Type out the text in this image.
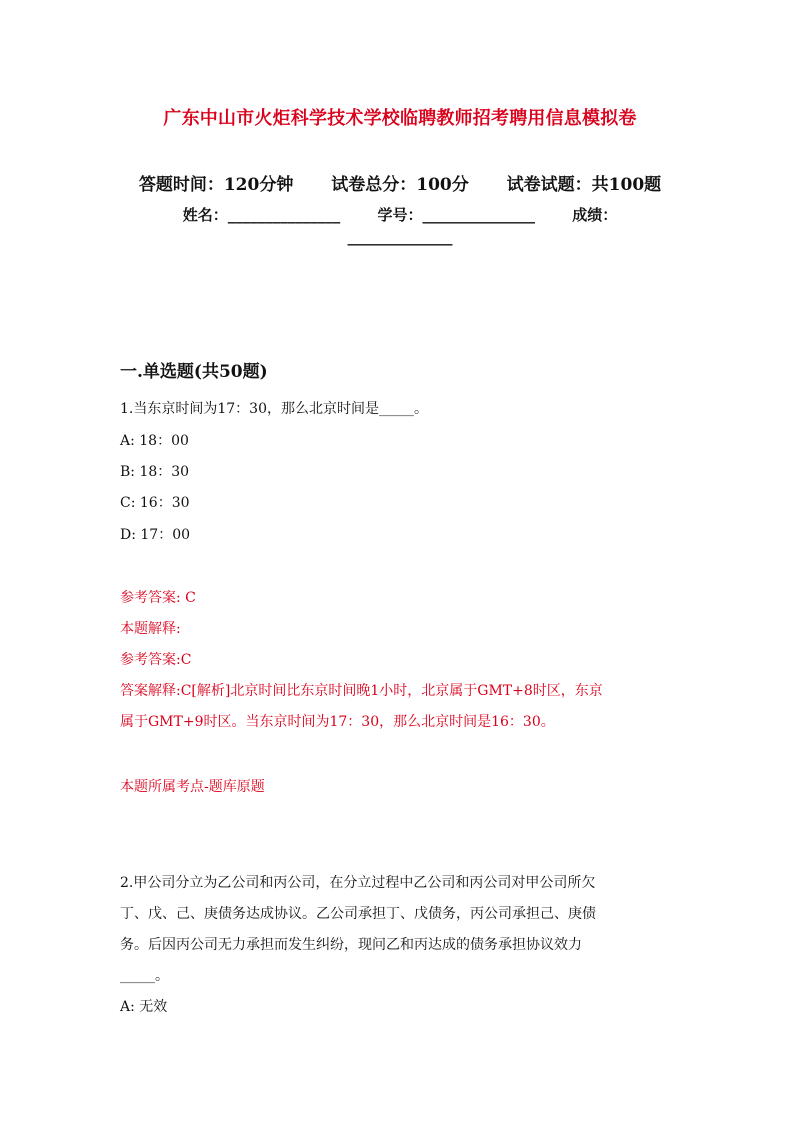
广东中山市火炬科学技术学校临聘教师招考聘用信息模拟卷
答题时间：120分钟 试卷总分：100分 试卷试题：共100题
姓名：_______________ 学号：_______________ 成绩：
______________
一.单选题(共50题)
1.当东京时间为17：30，那么北京时间是_____。
A: 18：00
B: 18：30
C: 16：30
D: 17：00
参考答案: C
本题解释:
参考答案:C
答案解释:C[解析]北京时间比东京时间晚1小时，北京属于GMT+8时区，东京
属于GMT+9时区。当东京时间为17：30，那么北京时间是16：30。
本题所属考点-题库原题
2.甲公司分立为乙公司和丙公司，在分立过程中乙公司和丙公司对甲公司所欠
丁、戊、己、庚债务达成协议。乙公司承担丁、戊债务，丙公司承担己、庚债
务。后因丙公司无力承担而发生纠纷，现问乙和丙达成的债务承担协议效力
_____。
A: 无效
